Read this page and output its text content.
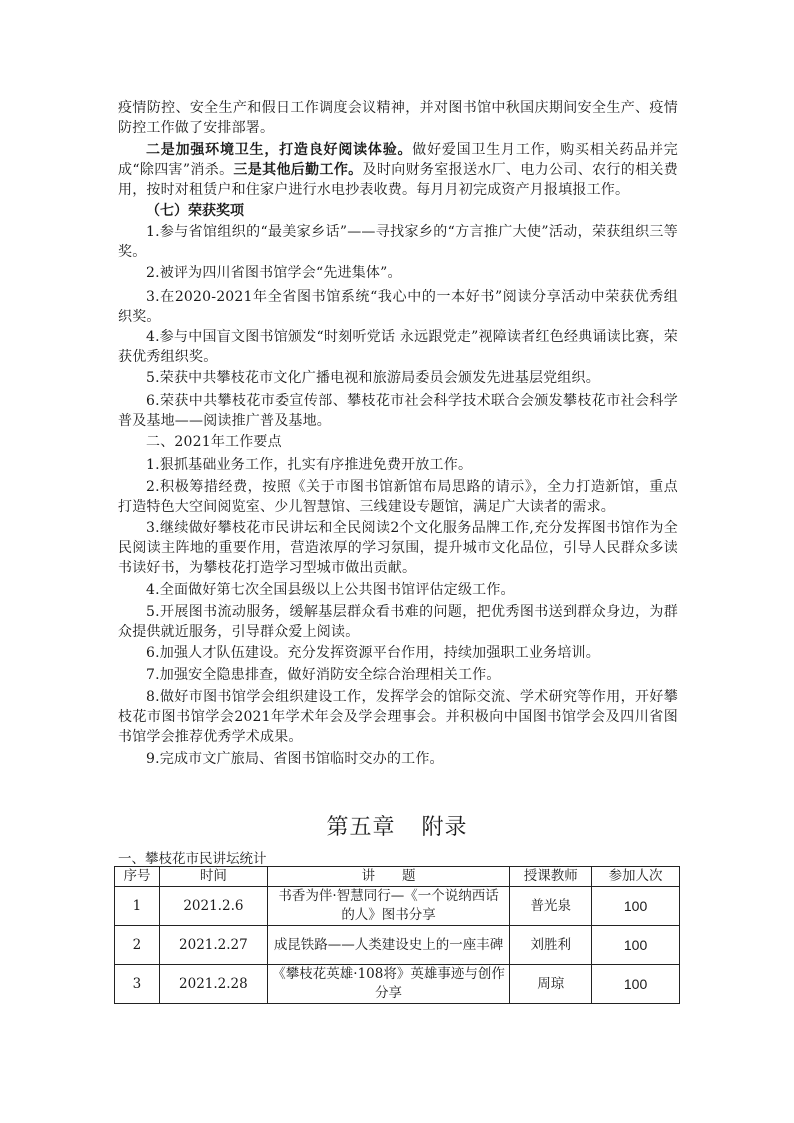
疫情防控、安全生产和假日工作调度会议精神，并对图书馆中秋国庆期间安全生产、疫情防控工作做了安排部署。

二是加强环境卫生，打造良好阅读体验。做好爱国卫生月工作，购买相关药品并完成“除四害”消杀。三是其他后勤工作。及时向财务室报送水厂、电力公司、农行的相关费用，按时对租赁户和住家户进行水电抄表收费。每月月初完成资产月报填报工作。

（七）荣获奖项

1.参与省馆组织的“最美家乡话”——寻找家乡的“方言推广大使”活动，荣获组织三等奖。

2.被评为四川省图书馆学会“先进集体”。

3.在2020-2021年全省图书馆系统“我心中的一本好书”阅读分享活动中荣获优秀组织奖。

4.参与中国盲文图书馆颁发“时刻听党话 永远跟党走”视障读者红色经典诵读比赛，荣获优秀组织奖。

5.荣获中共攀枝花市文化广播电视和旅游局委员会颁发先进基层党组织。

6.荣获中共攀枝花市委宣传部、攀枝花市社会科学技术联合会颁发攀枝花市社会科学普及基地——阅读推广普及基地。

二、2021年工作要点

1.狠抓基础业务工作，扎实有序推进免费开放工作。

2.积极筹措经费，按照《关于市图书馆新馆布局思路的请示》，全力打造新馆，重点打造特色大空间阅览室、少儿智慧馆、三线建设专题馆，满足广大读者的需求。

3.继续做好攀枝花市民讲坛和全民阅读2个文化服务品牌工作,充分发挥图书馆作为全民阅读主阵地的重要作用，营造浓厚的学习氛围，提升城市文化品位，引导人民群众多读书读好书，为攀枝花打造学习型城市做出贡献。

4.全面做好第七次全国县级以上公共图书馆评估定级工作。

5.开展图书流动服务，缓解基层群众看书难的问题，把优秀图书送到群众身边，为群众提供就近服务，引导群众爱上阅读。

6.加强人才队伍建设。充分发挥资源平台作用，持续加强职工业务培训。

7.加强安全隐患排查，做好消防安全综合治理相关工作。

8.做好市图书馆学会组织建设工作，发挥学会的馆际交流、学术研究等作用，开好攀枝花市图书馆学会2021年学术年会及学会理事会。并积极向中国图书馆学会及四川省图书馆学会推荐优秀学术成果。

9.完成市文广旅局、省图书馆临时交办的工作。

第五章 附录
一、攀枝花市民讲坛统计
序号	时间	讲　　题	授课教师	参加人次
1	2021.2.6	书香为伴·智慧同行—《一个说纳西话的人》图书分享	普光泉	100
2	2021.2.27	成昆铁路——人类建设史上的一座丰碑	刘胜利	100
3	2021.2.28	《攀枝花英雄·108将》英雄事迹与创作分享	周琼	100
